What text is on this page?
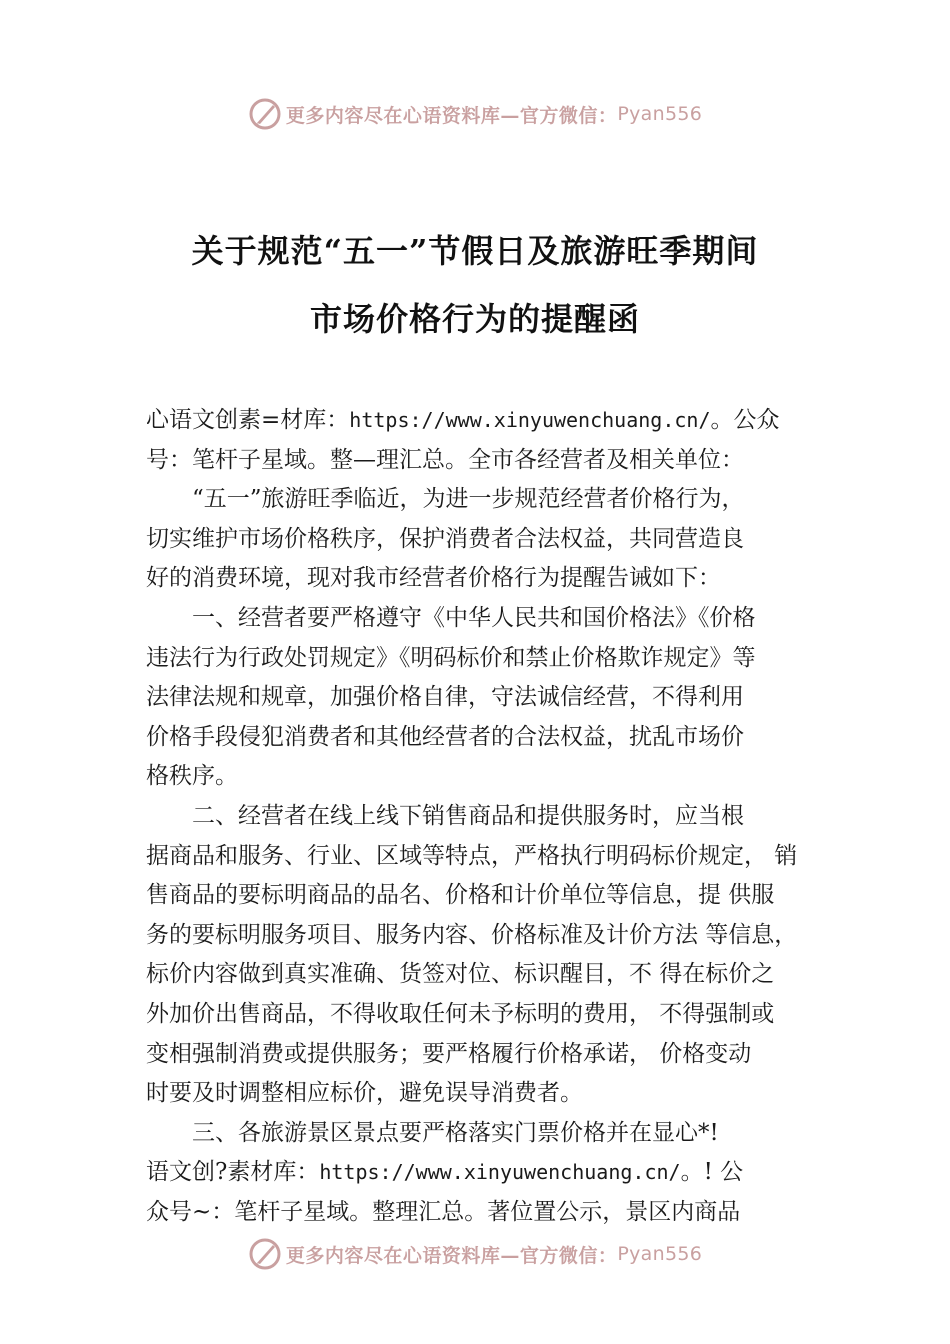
更多内容尽在心语资料库—官方微信： Pyan556
关于规范“五一”节假日及旅游旺季期间
市场价格行为的提醒函
心语文创素=材库：https://www.xinyuwenchuang.cn/。公众
号：笔杆子星域。整—理汇总。全市各经营者及相关单位：
“五一”旅游旺季临近，为进一步规范经营者价格行为，
切实维护市场价格秩序，保护消费者合法权益，共同营造良
好的消费环境，现对我市经营者价格行为提醒告诫如下：
一、经营者要严格遵守《中华人民共和国价格法》《价格
违法行为行政处罚规定》《明码标价和禁止价格欺诈规定》等
法律法规和规章，加强价格自律，守法诚信经营，不得利用
价格手段侵犯消费者和其他经营者的合法权益，扰乱市场价
格秩序。
二、经营者在线上线下销售商品和提供服务时，应当根
据商品和服务、行业、区域等特点，严格执行明码标价规定， 销
售商品的要标明商品的品名、价格和计价单位等信息，提 供服
务的要标明服务项目、服务内容、价格标准及计价方法 等信息，
标价内容做到真实准确、货签对位、标识醒目，不 得在标价之
外加价出售商品，不得收取任何未予标明的费用， 不得强制或
变相强制消费或提供服务；要严格履行价格承诺， 价格变动
时要及时调整相应标价，避免误导消费者。
三、各旅游景区景点要严格落实门票价格并在显心*!
语文创?素材库：https://www.xinyuwenchuang.cn/。! 公
众号~：笔杆子星域。整理汇总。著位置公示，景区内商品
更多内容尽在心语资料库—官方微信： Pyan556
